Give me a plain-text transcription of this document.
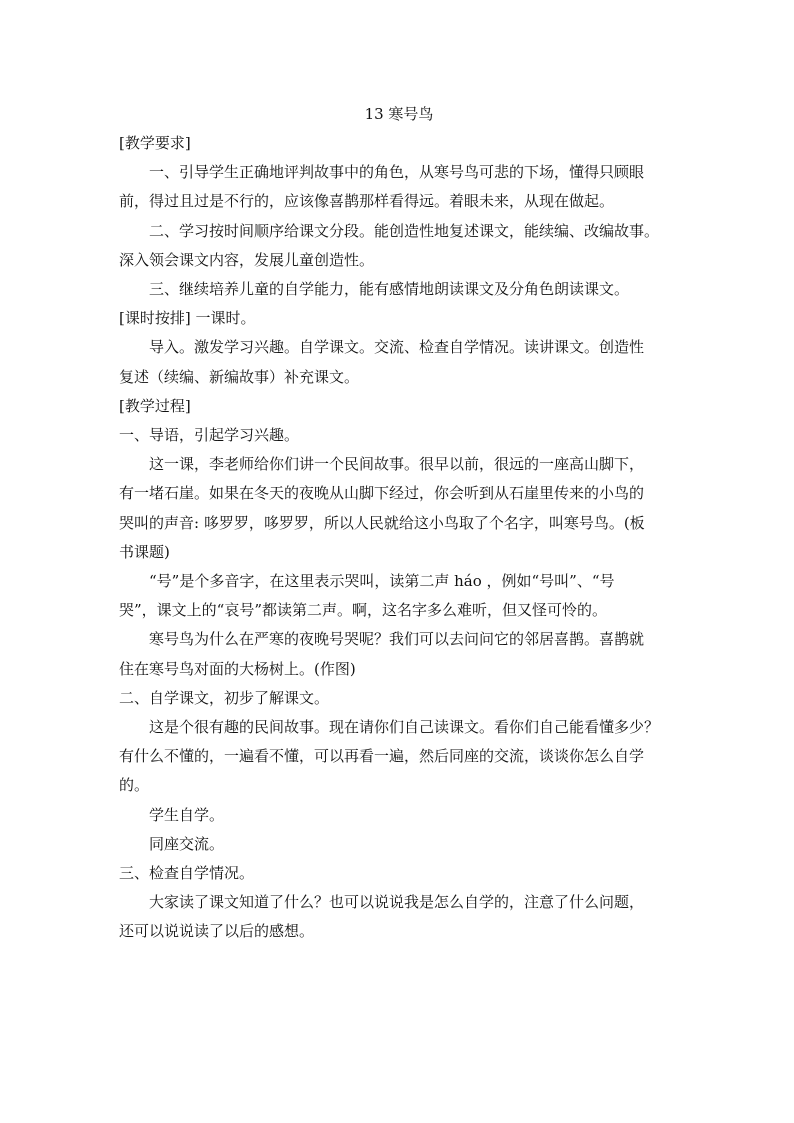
13 寒号鸟

[教学要求]

一、引导学生正确地评判故事中的角色，从寒号鸟可悲的下场，懂得只顾眼

前，得过且过是不行的，应该像喜鹊那样看得远。着眼未来，从现在做起。

二、学习按时间顺序给课文分段。能创造性地复述课文，能续编、改编故事。

深入领会课文内容，发展儿童创造性。

三、继续培养儿童的自学能力，能有感情地朗读课文及分角色朗读课文。

[课时按排] 一课时。

导入。激发学习兴趣。自学课文。交流、检查自学情况。读讲课文。创造性

复述（续编、新编故事）补充课文。

[教学过程]

一、导语，引起学习兴趣。

这一课，李老师给你们讲一个民间故事。很早以前，很远的一座高山脚下，

有一堵石崖。如果在冬天的夜晚从山脚下经过，你会听到从石崖里传来的小鸟的

哭叫的声音: 哆罗罗，哆罗罗，所以人民就给这小鸟取了个名字，叫寒号鸟。(板

书课题)

“号”是个多音字，在这里表示哭叫，读第二声 háo ，例如“号叫”、“号

哭”，课文上的“哀号”都读第二声。啊，这名字多么难听，但又怪可怜的。

寒号鸟为什么在严寒的夜晚号哭呢？我们可以去问问它的邻居喜鹊。喜鹊就

住在寒号鸟对面的大杨树上。(作图)

二、自学课文，初步了解课文。

这是个很有趣的民间故事。现在请你们自己读课文。看你们自己能看懂多少？

有什么不懂的，一遍看不懂，可以再看一遍，然后同座的交流，谈谈你怎么自学

的。

学生自学。

同座交流。

三、检查自学情况。

大家读了课文知道了什么？也可以说说我是怎么自学的，注意了什么问题，

还可以说说读了以后的感想。
